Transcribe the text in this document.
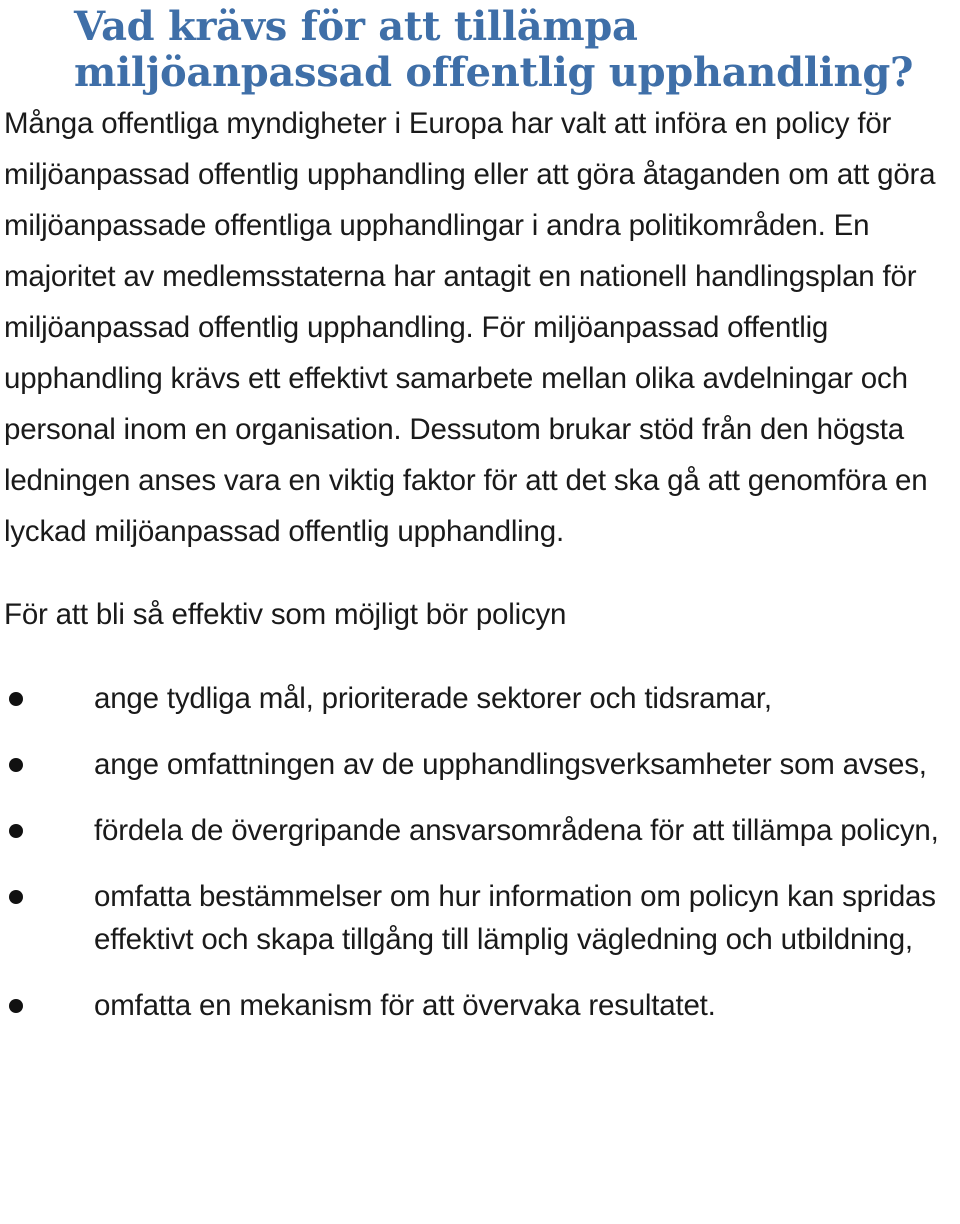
Vad krävs för att tillämpa miljöanpassad offentlig upphandling?

Många offentliga myndigheter i Europa har valt att införa en policy för miljöanpassad offentlig upphandling eller att göra åtaganden om att göra miljöanpassade offentliga upphandlingar i andra politikområden. En majoritet av medlemsstaterna har antagit en nationell handlingsplan för miljöanpassad offentlig upphandling. För miljöanpassad offentlig upphandling krävs ett effektivt samarbete mellan olika avdelningar och personal inom en organisation. Dessutom brukar stöd från den högsta ledningen anses vara en viktig faktor för att det ska gå att genomföra en lyckad miljöanpassad offentlig upphandling.

För att bli så effektiv som möjligt bör policyn

ange tydliga mål, prioriterade sektorer och tidsramar,
ange omfattningen av de upphandlingsverksamheter som avses,
fördela de övergripande ansvarsområdena för att tillämpa policyn,
omfatta bestämmelser om hur information om policyn kan spridas effektivt och skapa tillgång till lämplig vägledning och utbildning,
omfatta en mekanism för att övervaka resultatet.
